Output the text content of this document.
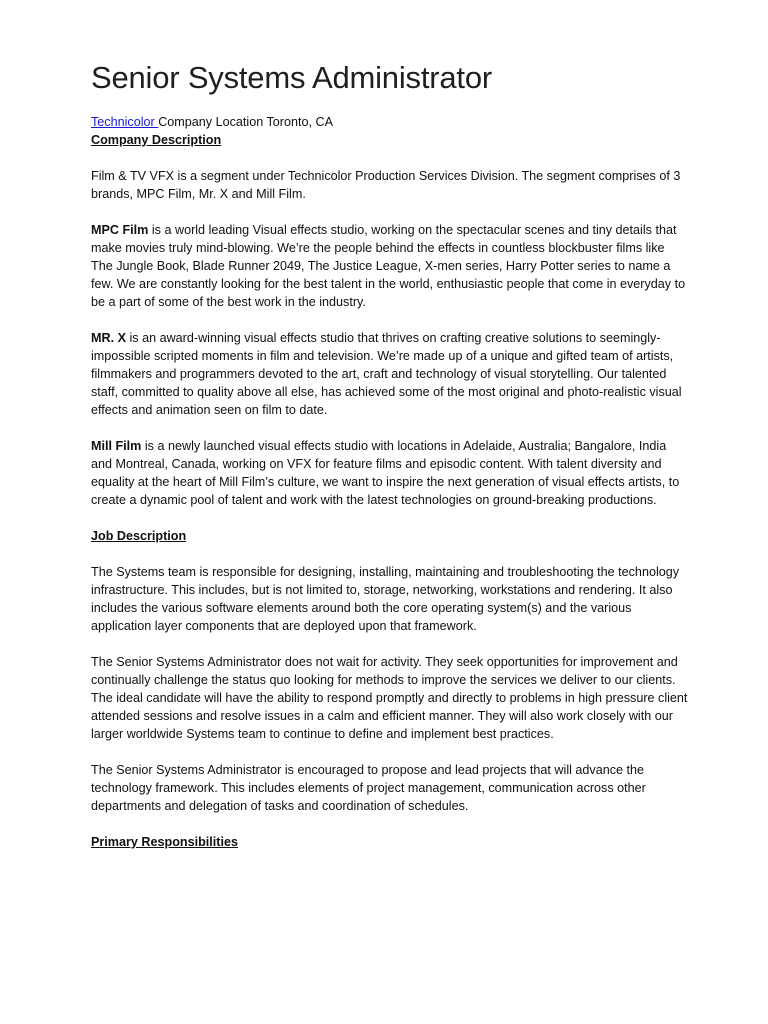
Senior Systems Administrator

Technicolor Company Location Toronto, CA

Company Description

Film & TV VFX is a segment under Technicolor Production Services Division. The segment comprises of 3 brands, MPC Film, Mr. X and Mill Film.

MPC Film is a world leading Visual effects studio, working on the spectacular scenes and tiny details that make movies truly mind-blowing. We’re the people behind the effects in countless blockbuster films like The Jungle Book, Blade Runner 2049, The Justice League, X-men series, Harry Potter series to name a few. We are constantly looking for the best talent in the world, enthusiastic people that come in everyday to be a part of some of the best work in the industry.

MR. X is an award-winning visual effects studio that thrives on crafting creative solutions to seemingly-impossible scripted moments in film and television. We’re made up of a unique and gifted team of artists, filmmakers and programmers devoted to the art, craft and technology of visual storytelling. Our talented staff, committed to quality above all else, has achieved some of the most original and photo-realistic visual effects and animation seen on film to date.

Mill Film is a newly launched visual effects studio with locations in Adelaide, Australia; Bangalore, India and Montreal, Canada, working on VFX for feature films and episodic content. With talent diversity and equality at the heart of Mill Film’s culture, we want to inspire the next generation of visual effects artists, to create a dynamic pool of talent and work with the latest technologies on ground-breaking productions.

Job Description

The Systems team is responsible for designing, installing, maintaining and troubleshooting the technology infrastructure. This includes, but is not limited to, storage, networking, workstations and rendering. It also includes the various software elements around both the core operating system(s) and the various application layer components that are deployed upon that framework.

The Senior Systems Administrator does not wait for activity. They seek opportunities for improvement and continually challenge the status quo looking for methods to improve the services we deliver to our clients. The ideal candidate will have the ability to respond promptly and directly to problems in high pressure client attended sessions and resolve issues in a calm and efficient manner. They will also work closely with our larger worldwide Systems team to continue to define and implement best practices.

The Senior Systems Administrator is encouraged to propose and lead projects that will advance the technology framework. This includes elements of project management, communication across other departments and delegation of tasks and coordination of schedules.

Primary Responsibilities
